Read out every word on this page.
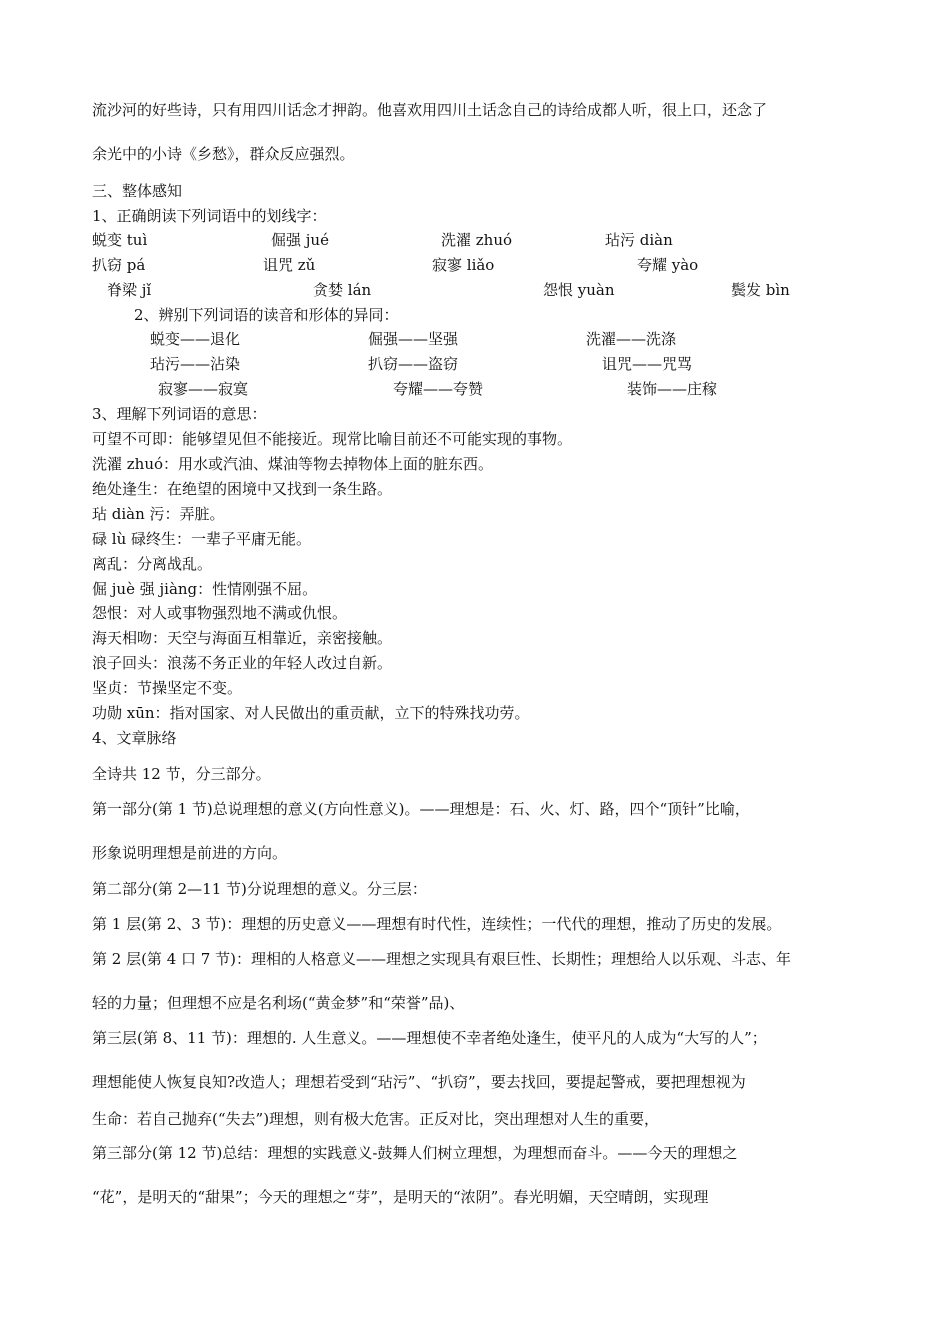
流沙河的好些诗，只有用四川话念才押韵。他喜欢用四川土话念自己的诗给成都人听，很上口，还念了
余光中的小诗《乡愁》，群众反应强烈。
三、整体感知
1、正确朗读下列词语中的划线字：
蜕变 tuì	倔强 jué	洗濯 zhuó	玷污 diàn
扒窃 pá	诅咒 zǔ	寂寥 liǎo	夸耀 yào
脊梁 jǐ	贪婪 lán	怨恨 yuàn	鬓发 bìn
2、辨别下列词语的读音和形体的异同：
蜕变——退化	倔强——坚强	洗濯——洗涤
玷污——沾染	扒窃——盗窃	诅咒——咒骂
寂寥——寂寞	夸耀——夸赞	装饰——庄稼
3、理解下列词语的意思：
可望不可即：能够望见但不能接近。现常比喻目前还不可能实现的事物。
洗濯 zhuó：用水或汽油、煤油等物去掉物体上面的脏东西。
绝处逢生：在绝望的困境中又找到一条生路。
玷 diàn 污：弄脏。
碌 lù 碌终生：一辈子平庸无能。
离乱：分离战乱。
倔 juè 强 jiàng：性情刚强不屈。
怨恨：对人或事物强烈地不满或仇恨。
海天相吻：天空与海面互相靠近，亲密接触。
浪子回头：浪荡不务正业的年轻人改过自新。
坚贞：节操坚定不变。
功勋 xūn：指对国家、对人民做出的重贡献，立下的特殊找功劳。
4、文章脉络
全诗共 12 节，分三部分。
第一部分(第 1 节)总说理想的意义(方向性意义)。——理想是：石、火、灯、路，四个“顶针”比喻，
形象说明理想是前进的方向。
第二部分(第 2—11 节)分说理想的意义。分三层：
第 1 层(第 2、3 节)：理想的历史意义——理想有时代性，连续性；一代代的理想，推动了历史的发展。
第 2 层(第 4 口 7 节)：理相的人格意义——理想之实现具有艰巨性、长期性；理想给人以乐观、斗志、年
轻的力量；但理想不应是名利场(“黄金梦”和“荣誉”品)、
第三层(第 8、11 节)：理想的. 人生意义。——理想使不幸者绝处逢生，使平凡的人成为“大写的人”；
理想能使人恢复良知?改造人；理想若受到“玷污”、“扒窃”，要去找回，要提起警戒，要把理想视为
生命：若自己抛弃(“失去”)理想，则有极大危害。正反对比，突出理想对人生的重要，
第三部分(第 12 节)总结：理想的实践意义-鼓舞人们树立理想，为理想而奋斗。——今天的理想之
“花”，是明天的“甜果”；今天的理想之“芽”，是明天的“浓阴”。春光明媚，天空晴朗，实现理
